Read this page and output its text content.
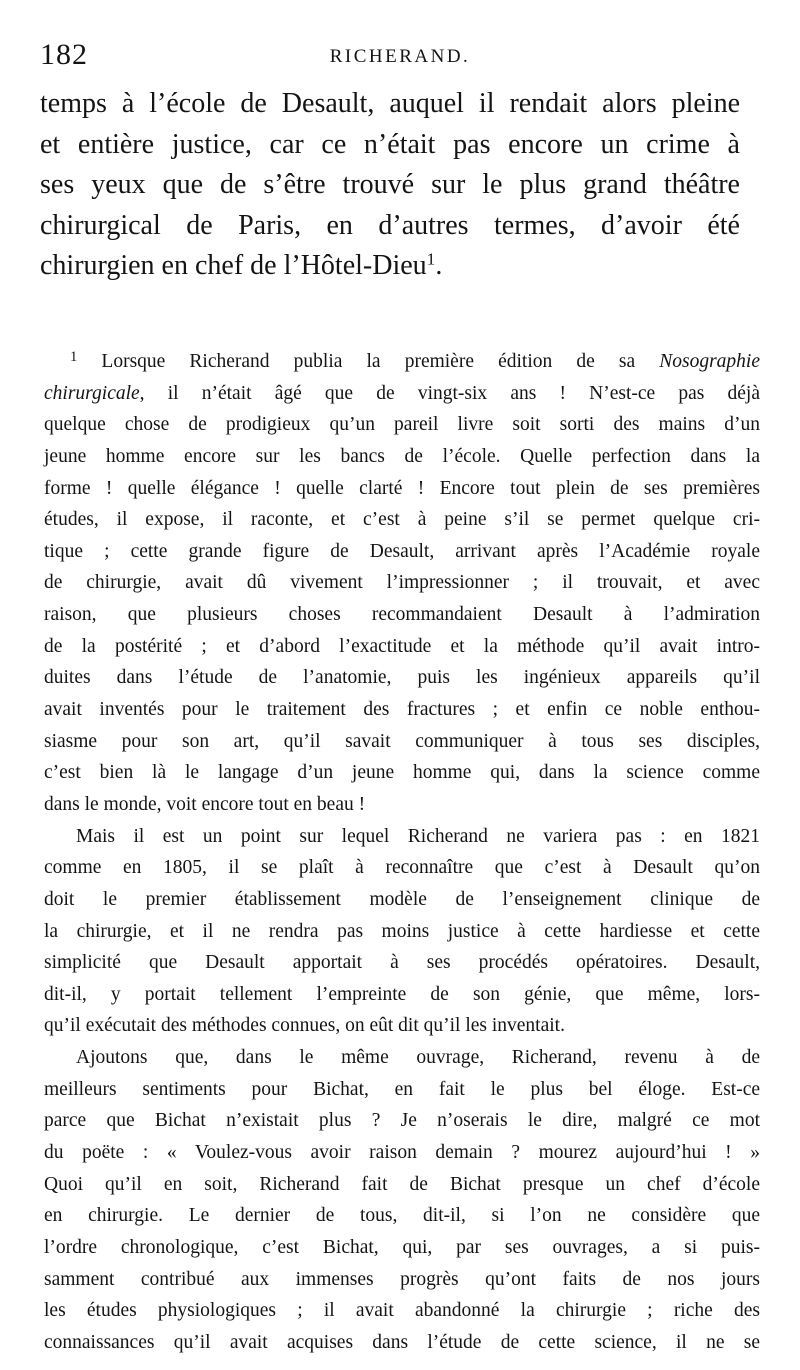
182	RICHERAND.
temps à l’école de Desault, auquel il rendait alors pleine
et entière justice, car ce n’était pas encore un crime à
ses yeux que de s’être trouvé sur le plus grand théâtre
chirurgical de Paris, en d’autres termes, d’avoir été
chirurgien en chef de l’Hôtel-Dieu$^1$.
$^1$ Lorsque Richerand publia la première édition de sa Nosographie
chirurgicale, il n’était âgé que de vingt-six ans ! N’est-ce pas déjà
quelque chose de prodigieux qu’un pareil livre soit sorti des mains d’un
jeune homme encore sur les bancs de l’école. Quelle perfection dans la
forme ! quelle élégance ! quelle clarté ! Encore tout plein de ses premières
études, il expose, il raconte, et c’est à peine s’il se permet quelque cri-
tique ; cette grande figure de Desault, arrivant après l’Académie royale
de chirurgie, avait dû vivement l’impressionner ; il trouvait, et avec
raison, que plusieurs choses recommandaient Desault à l’admiration
de la postérité ; et d’abord l’exactitude et la méthode qu’il avait intro-
duites dans l’étude de l’anatomie, puis les ingénieux appareils qu’il
avait inventés pour le traitement des fractures ; et enfin ce noble enthou-
siasme pour son art, qu’il savait communiquer à tous ses disciples,
c’est bien là le langage d’un jeune homme qui, dans la science comme
dans le monde, voit encore tout en beau !
Mais il est un point sur lequel Richerand ne variera pas : en 1821
comme en 1805, il se plaît à reconnaître que c’est à Desault qu’on
doit le premier établissement modèle de l’enseignement clinique de
la chirurgie, et il ne rendra pas moins justice à cette hardiesse et cette
simplicité que Desault apportait à ses procédés opératoires. Desault,
dit-il, y portait tellement l’empreinte de son génie, que même, lors-
qu’il exécutait des méthodes connues, on eût dit qu’il les inventait.
Ajoutons que, dans le même ouvrage, Richerand, revenu à de
meilleurs sentiments pour Bichat, en fait le plus bel éloge. Est-ce
parce que Bichat n’existait plus ? Je n’oserais le dire, malgré ce mot
du poëte : « Voulez-vous avoir raison demain ? mourez aujourd’hui ! »
Quoi qu’il en soit, Richerand fait de Bichat presque un chef d’école
en chirurgie. Le dernier de tous, dit-il, si l’on ne considère que
l’ordre chronologique, c’est Bichat, qui, par ses ouvrages, a si puis-
samment contribué aux immenses progrès qu’ont faits de nos jours
les études physiologiques ; il avait abandonné la chirurgie ; riche des
connaissances qu’il avait acquises dans l’étude de cette science, il ne se
